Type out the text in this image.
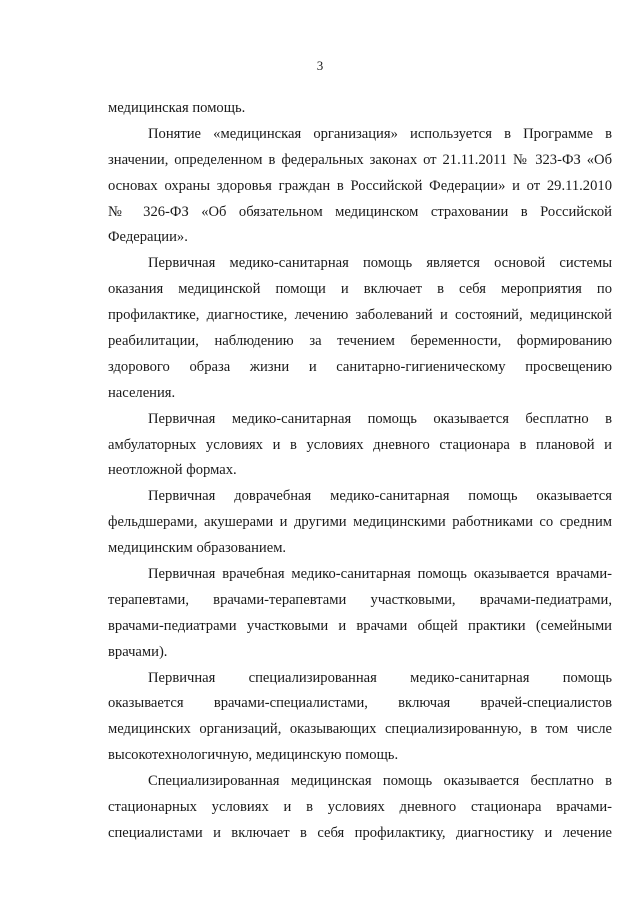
3
медицинская помощь.
Понятие «медицинская организация» используется в Программе в
значении, определенном в федеральных законах от 21.11.2011 № 323-ФЗ «Об
основах охраны здоровья граждан в Российской Федерации» и от 29.11.2010
№ 326-ФЗ «Об обязательном медицинском страховании в Российской
Федерации».
Первичная медико-санитарная помощь является основой системы
оказания медицинской помощи и включает в себя мероприятия по
профилактике, диагностике, лечению заболеваний и состояний, медицинской
реабилитации, наблюдению за течением беременности, формированию
здорового образа жизни и санитарно-гигиеническому просвещению
населения.
Первичная медико-санитарная помощь оказывается бесплатно в
амбулаторных условиях и в условиях дневного стационара в плановой и
неотложной формах.
Первичная доврачебная медико-санитарная помощь оказывается
фельдшерами, акушерами и другими медицинскими работниками со средним
медицинским образованием.
Первичная врачебная медико-санитарная помощь оказывается врачами-
терапевтами, врачами-терапевтами участковыми, врачами-педиатрами,
врачами-педиатрами участковыми и врачами общей практики (семейными
врачами).
Первичная специализированная медико-санитарная помощь
оказывается врачами-специалистами, включая врачей-специалистов
медицинских организаций, оказывающих специализированную, в том числе
высокотехнологичную, медицинскую помощь.
Специализированная медицинская помощь оказывается бесплатно в
стационарных условиях и в условиях дневного стационара врачами-
специалистами и включает в себя профилактику, диагностику и лечение
